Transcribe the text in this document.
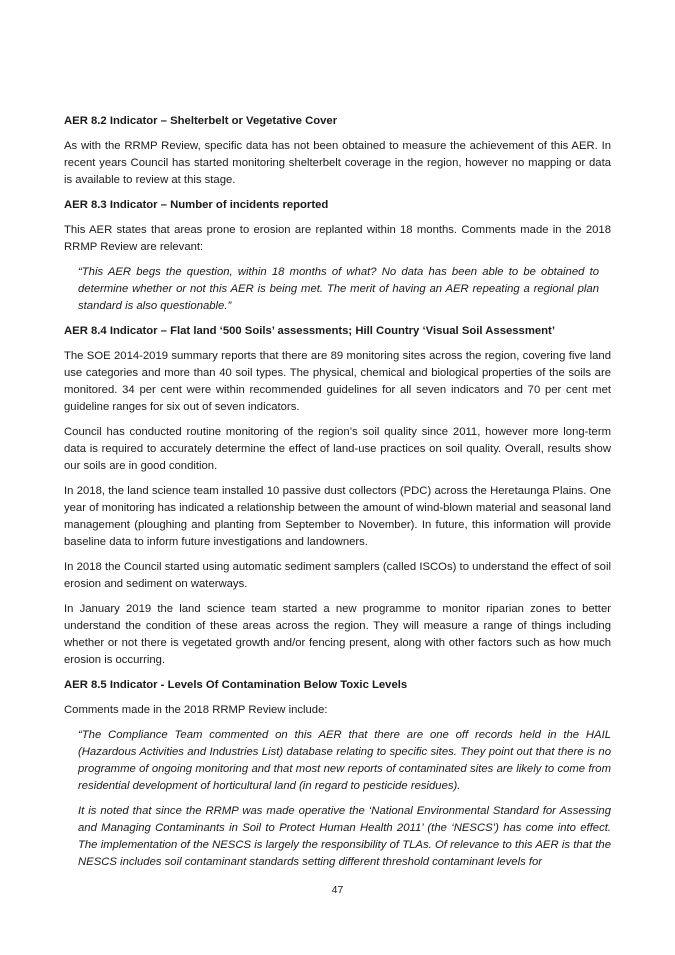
AER 8.2 Indicator – Shelterbelt or Vegetative Cover

As with the RRMP Review, specific data has not been obtained to measure the achievement of this AER. In recent years Council has started monitoring shelterbelt coverage in the region, however no mapping or data is available to review at this stage.

AER 8.3 Indicator – Number of incidents reported

This AER states that areas prone to erosion are replanted within 18 months. Comments made in the 2018 RRMP Review are relevant:

“This AER begs the question, within 18 months of what? No data has been able to be obtained to determine whether or not this AER is being met. The merit of having an AER repeating a regional plan standard is also questionable.”

AER 8.4 Indicator – Flat land ‘500 Soils’ assessments; Hill Country ‘Visual Soil Assessment’

The SOE 2014-2019 summary reports that there are 89 monitoring sites across the region, covering five land use categories and more than 40 soil types. The physical, chemical and biological properties of the soils are monitored. 34 per cent were within recommended guidelines for all seven indicators and 70 per cent met guideline ranges for six out of seven indicators.

Council has conducted routine monitoring of the region’s soil quality since 2011, however more long-term data is required to accurately determine the effect of land-use practices on soil quality. Overall, results show our soils are in good condition.

In 2018, the land science team installed 10 passive dust collectors (PDC) across the Heretaunga Plains. One year of monitoring has indicated a relationship between the amount of wind-blown material and seasonal land management (ploughing and planting from September to November). In future, this information will provide baseline data to inform future investigations and landowners.

In 2018 the Council started using automatic sediment samplers (called ISCOs) to understand the effect of soil erosion and sediment on waterways.

In January 2019 the land science team started a new programme to monitor riparian zones to better understand the condition of these areas across the region. They will measure a range of things including whether or not there is vegetated growth and/or fencing present, along with other factors such as how much erosion is occurring.

AER 8.5 Indicator - Levels Of Contamination Below Toxic Levels

Comments made in the 2018 RRMP Review include:

“The Compliance Team commented on this AER that there are one off records held in the HAIL (Hazardous Activities and Industries List) database relating to specific sites. They point out that there is no programme of ongoing monitoring and that most new reports of contaminated sites are likely to come from residential development of horticultural land (in regard to pesticide residues).

It is noted that since the RRMP was made operative the ‘National Environmental Standard for Assessing and Managing Contaminants in Soil to Protect Human Health 2011’ (the ‘NESCS’) has come into effect. The implementation of the NESCS is largely the responsibility of TLAs. Of relevance to this AER is that the NESCS includes soil contaminant standards setting different threshold contaminant levels for

47
